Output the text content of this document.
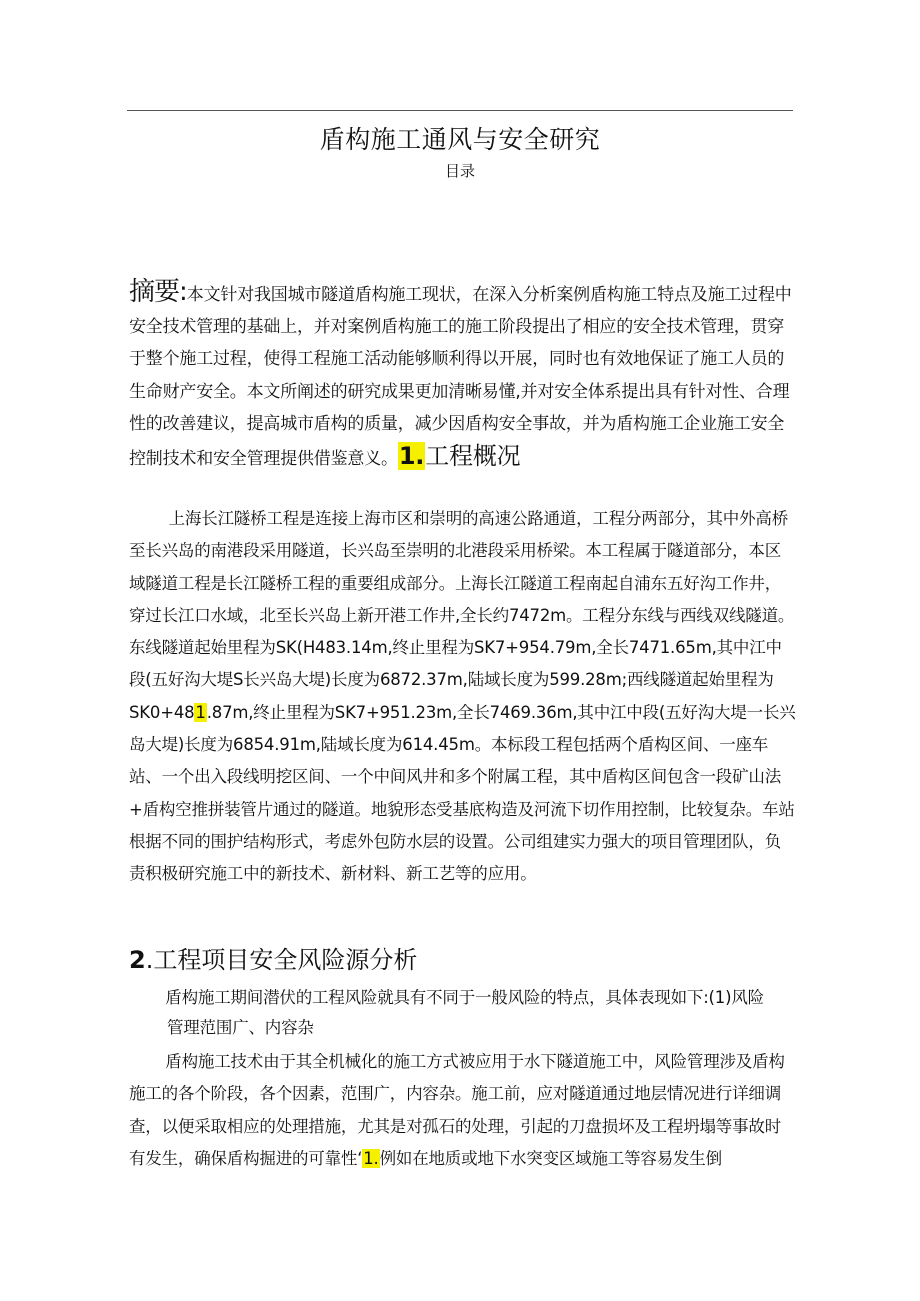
盾构施工通风与安全研究
目录
摘要:本文针对我国城市隧道盾构施工现状，在深入分析案例盾构施工特点及施工过程中安全技术管理的基础上，并对案例盾构施工的施工阶段提出了相应的安全技术管理，贯穿于整个施工过程，使得工程施工活动能够顺利得以开展，同时也有效地保证了施工人员的生命财产安全。本文所阐述的研究成果更加清晰易懂,并对安全体系提出具有针对性、合理性的改善建议，提高城市盾构的质量，减少因盾构安全事故，并为盾构施工企业施工安全控制技术和安全管理提供借鉴意义。1.工程概况
上海长江隧桥工程是连接上海市区和崇明的高速公路通道，工程分两部分，其中外高桥至长兴岛的南港段采用隧道，长兴岛至崇明的北港段采用桥梁。本工程属于隧道部分，本区域隧道工程是长江隧桥工程的重要组成部分。上海长江隧道工程南起自浦东五好沟工作井，穿过长江口水域，北至长兴岛上新开港工作井,全长约7472m。工程分东线与西线双线隧道。东线隧道起始里程为SK(H483.14m,终止里程为SK7+954.79m,全长7471.65m,其中江中段(五好沟大堤S长兴岛大堤)长度为6872.37m,陆域长度为599.28m;西线隧道起始里程为SK0+481.87m,终止里程为SK7+951.23m,全长7469.36m,其中江中段(五好沟大堤一长兴岛大堤)长度为6854.91m,陆域长度为614.45m。本标段工程包括两个盾构区间、一座车站、一个出入段线明挖区间、一个中间风井和多个附属工程，其中盾构区间包含一段矿山法+盾构空推拼装管片通过的隧道。地貌形态受基底构造及河流下切作用控制，比较复杂。车站根据不同的围护结构形式，考虑外包防水层的设置。公司组建实力强大的项目管理团队，负责积极研究施工中的新技术、新材料、新工艺等的应用。
2.工程项目安全风险源分析
盾构施工期间潜伏的工程风险就具有不同于一般风险的特点，具体表现如下:(1)风险
管理范围广、内容杂
盾构施工技术由于其全机械化的施工方式被应用于水下隧道施工中，风险管理涉及盾构施工的各个阶段，各个因素，范围广，内容杂。施工前，应对隧道通过地层情况进行详细调查，以便采取相应的处理措施，尤其是对孤石的处理，引起的刀盘损坏及工程坍塌等事故时有发生，确保盾构掘进的可靠性‘1.例如在地质或地下水突变区域施工等容易发生倒
